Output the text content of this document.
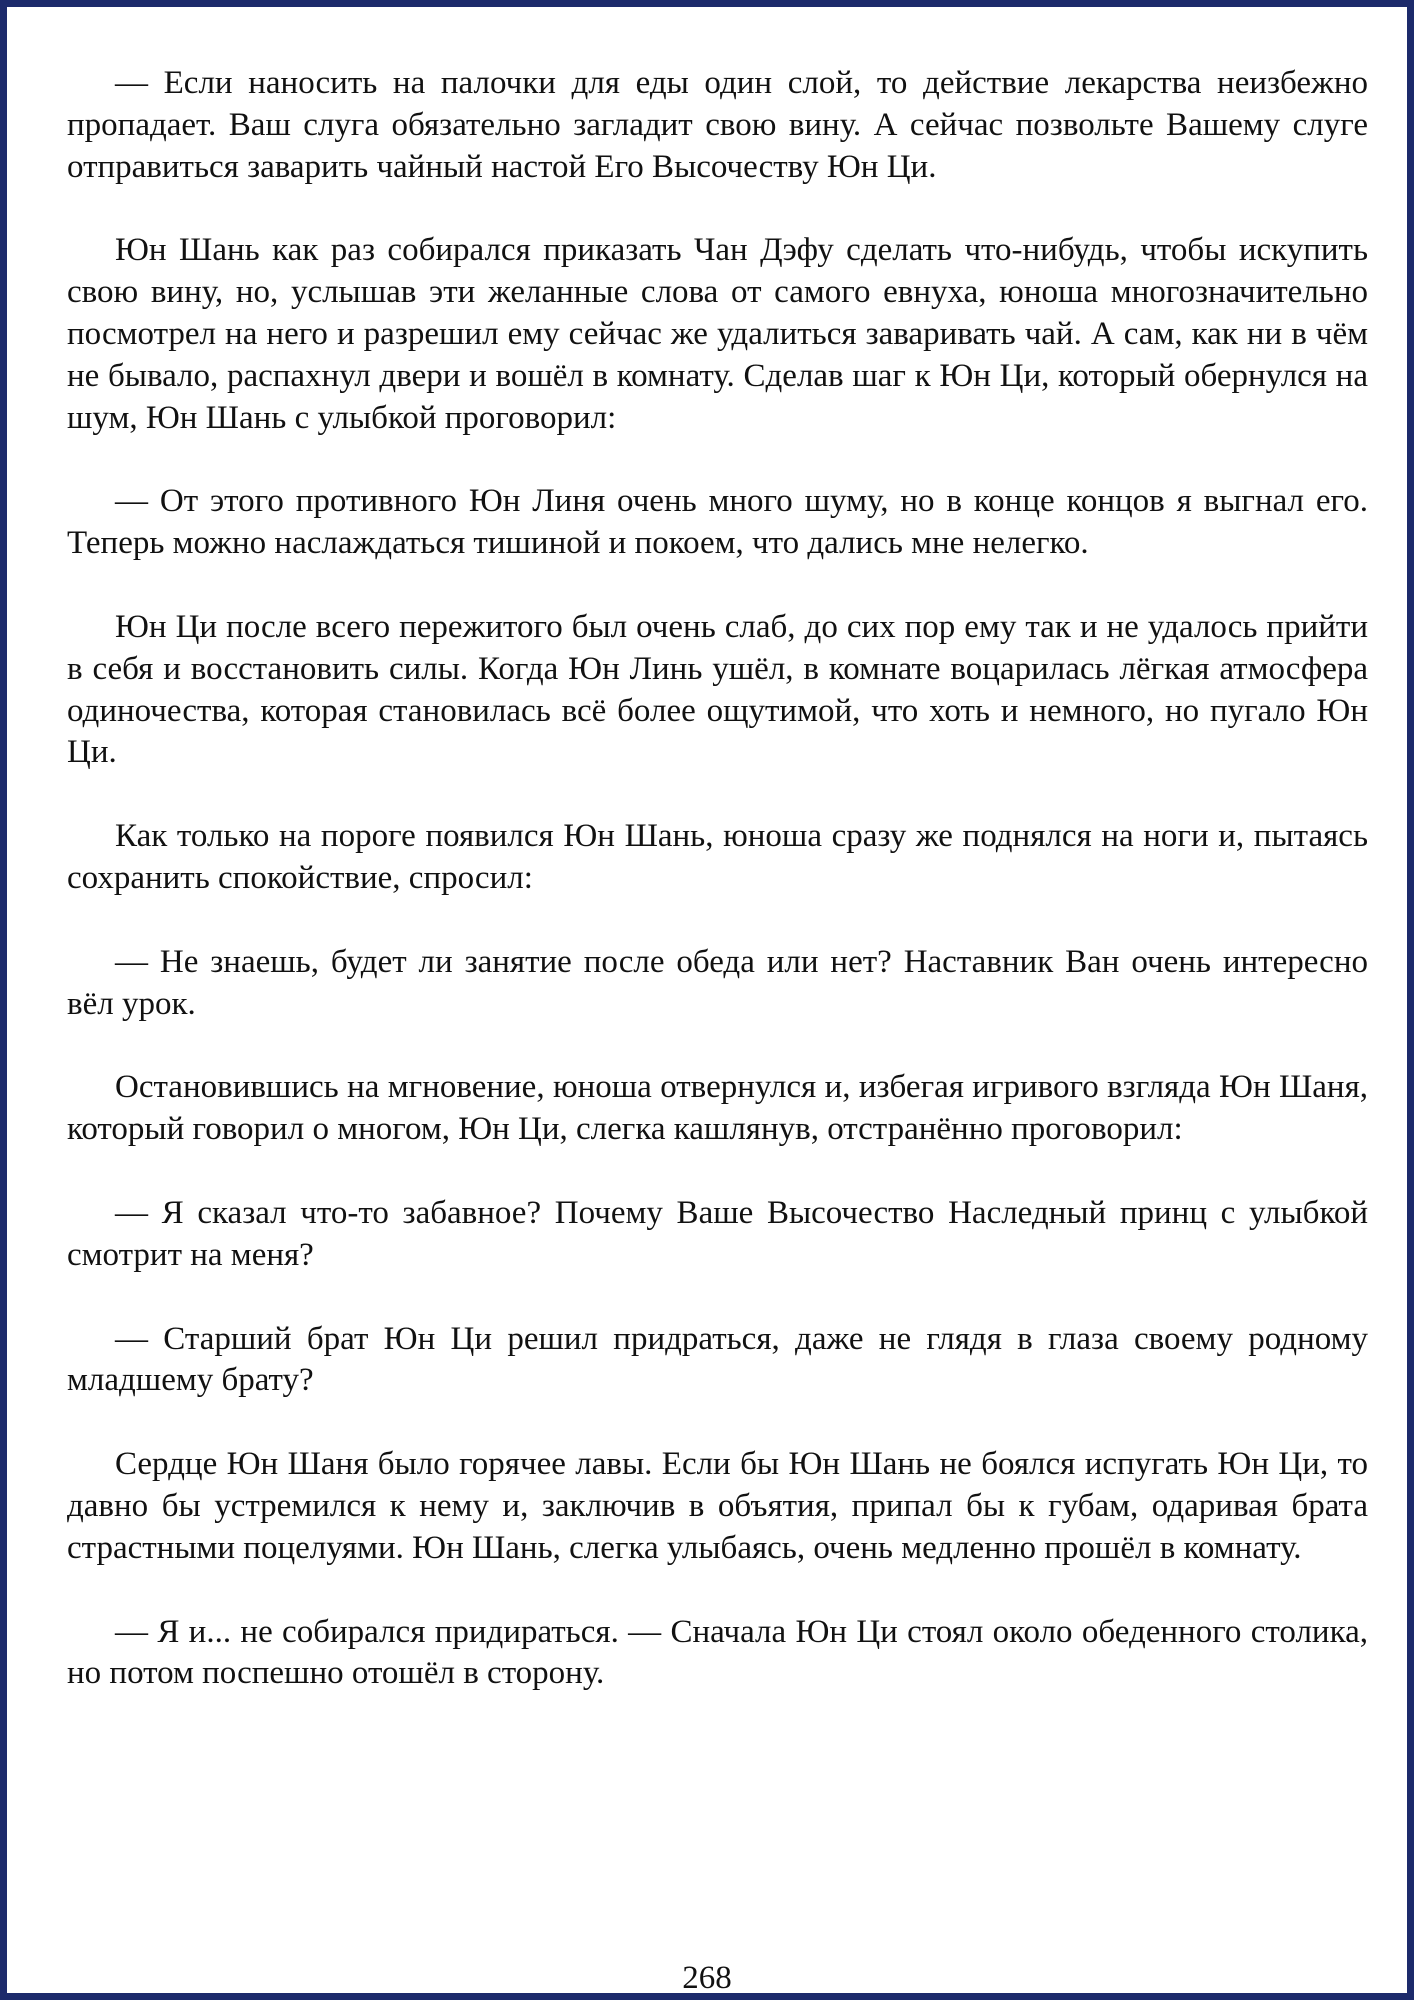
— Если наносить на палочки для еды один слой, то действие лекарства неизбежно пропадает. Ваш слуга обязательно загладит свою вину. А сейчас позвольте Вашему слуге отправиться заварить чайный настой Его Высочеству Юн Ци.

Юн Шань как раз собирался приказать Чан Дэфу сделать что-нибудь, чтобы искупить свою вину, но, услышав эти желанные слова от самого евнуха, юноша многозначительно посмотрел на него и разрешил ему сейчас же удалиться заваривать чай. А сам, как ни в чём не бывало, распахнул двери и вошёл в комнату. Сделав шаг к Юн Ци, который обернулся на шум, Юн Шань с улыбкой проговорил:

— От этого противного Юн Линя очень много шуму, но в конце концов я выгнал его. Теперь можно наслаждаться тишиной и покоем, что дались мне нелегко.

Юн Ци после всего пережитого был очень слаб, до сих пор ему так и не удалось прийти в себя и восстановить силы. Когда Юн Линь ушёл, в комнате воцарилась лёгкая атмосфера одиночества, которая становилась всё более ощутимой, что хоть и немного, но пугало Юн Ци.

Как только на пороге появился Юн Шань, юноша сразу же поднялся на ноги и, пытаясь сохранить спокойствие, спросил:

— Не знаешь, будет ли занятие после обеда или нет? Наставник Ван очень интересно вёл урок.

Остановившись на мгновение, юноша отвернулся и, избегая игривого взгляда Юн Шаня, который говорил о многом, Юн Ци, слегка кашлянув, отстранённо проговорил:

— Я сказал что-то забавное? Почему Ваше Высочество Наследный принц с улыбкой смотрит на меня?

— Старший брат Юн Ци решил придраться, даже не глядя в глаза своему родному младшему брату?

Сердце Юн Шаня было горячее лавы. Если бы Юн Шань не боялся испугать Юн Ци, то давно бы устремился к нему и, заключив в объятия, припал бы к губам, одаривая брата страстными поцелуями. Юн Шань, слегка улыбаясь, очень медленно прошёл в комнату.

— Я и... не собирался придираться. — Сначала Юн Ци стоял около обеденного столика, но потом поспешно отошёл в сторону.

268
